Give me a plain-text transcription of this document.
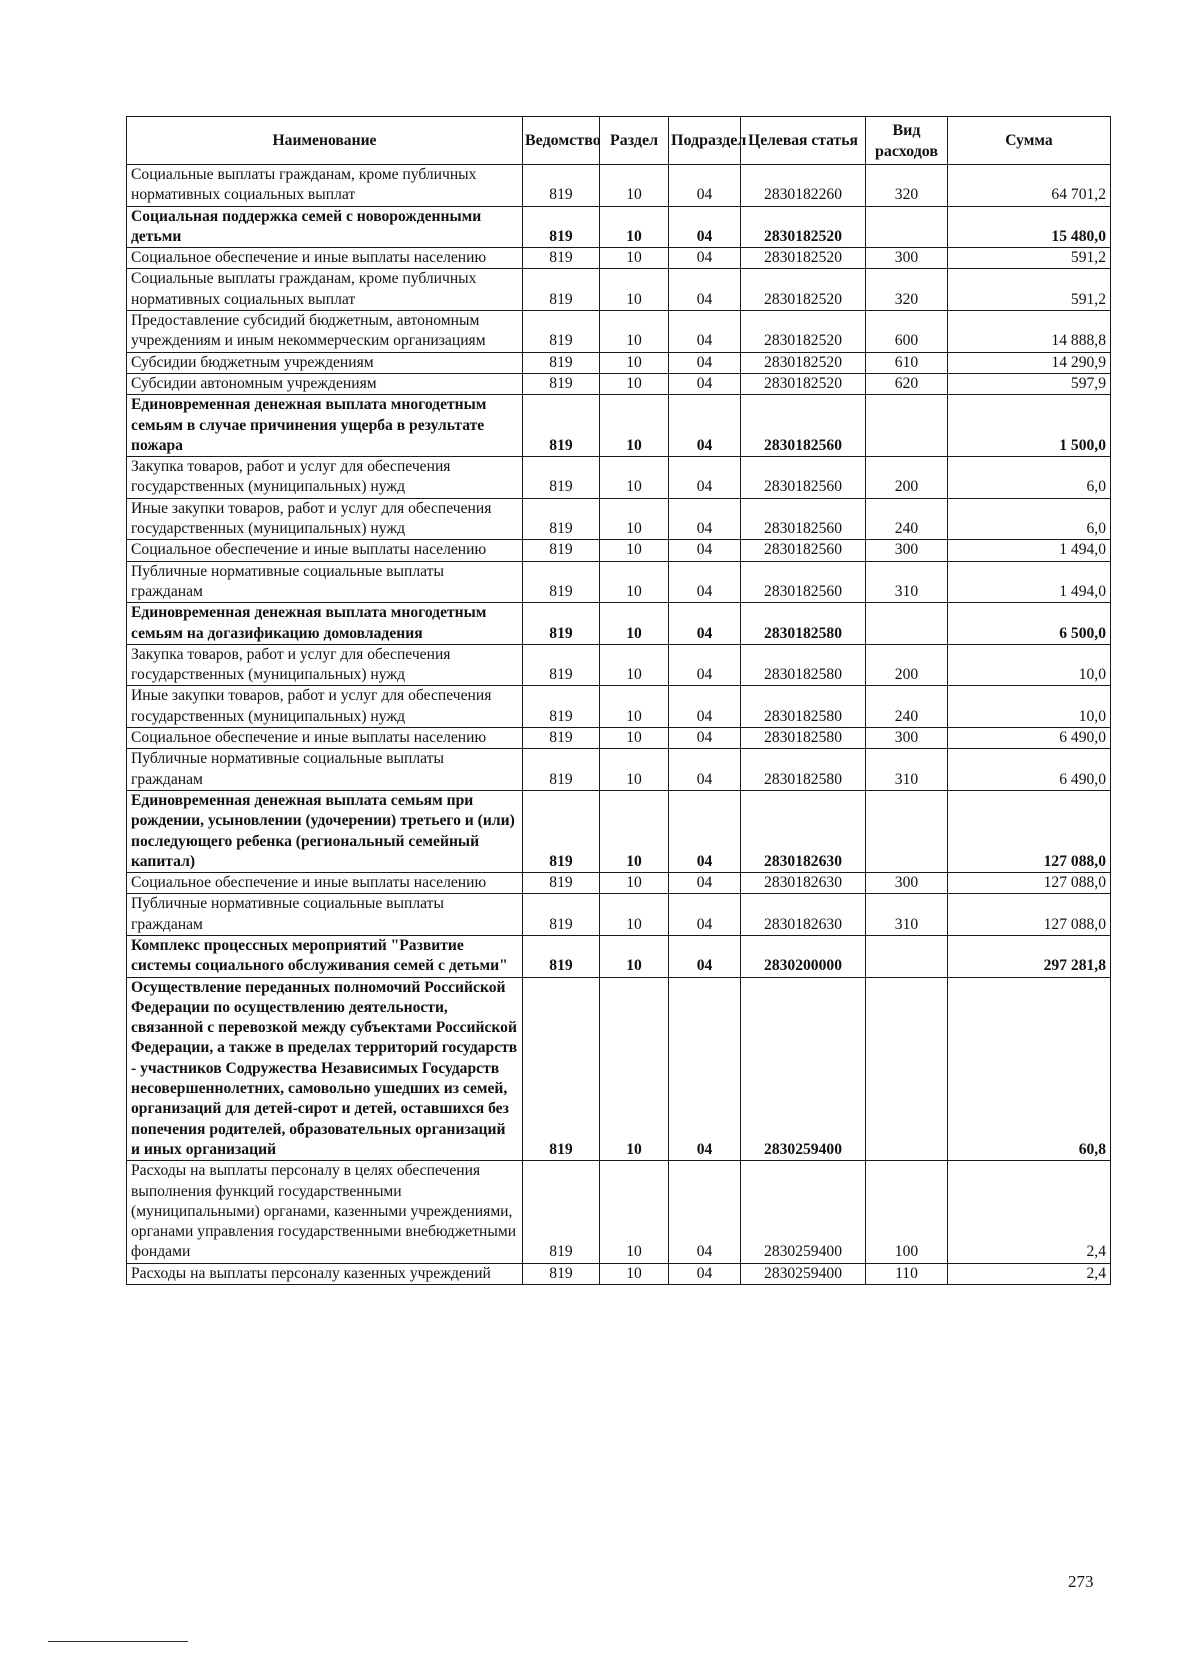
Наименование	Ведомство	Раздел	Подраздел	Целевая статья	Вид расходов	Сумма
Социальные выплаты гражданам, кроме публичных нормативных социальных выплат	819	10	04	2830182260	320	64 701,2
Социальная поддержка семей с новорожденными детьми	819	10	04	2830182520		15 480,0
Социальное обеспечение и иные выплаты населению	819	10	04	2830182520	300	591,2
Социальные выплаты гражданам, кроме публичных нормативных социальных выплат	819	10	04	2830182520	320	591,2
Предоставление субсидий бюджетным, автономным учреждениям и иным некоммерческим организациям	819	10	04	2830182520	600	14 888,8
Субсидии бюджетным учреждениям	819	10	04	2830182520	610	14 290,9
Субсидии автономным учреждениям	819	10	04	2830182520	620	597,9
Единовременная денежная выплата многодетным семьям в случае причинения ущерба в результате пожара	819	10	04	2830182560		1 500,0
Закупка товаров, работ и услуг для обеспечения государственных (муниципальных) нужд	819	10	04	2830182560	200	6,0
Иные закупки товаров, работ и услуг для обеспечения государственных (муниципальных) нужд	819	10	04	2830182560	240	6,0
Социальное обеспечение и иные выплаты населению	819	10	04	2830182560	300	1 494,0
Публичные нормативные социальные выплаты гражданам	819	10	04	2830182560	310	1 494,0
Единовременная денежная выплата многодетным семьям на догазификацию домовладения	819	10	04	2830182580		6 500,0
Закупка товаров, работ и услуг для обеспечения государственных (муниципальных) нужд	819	10	04	2830182580	200	10,0
Иные закупки товаров, работ и услуг для обеспечения государственных (муниципальных) нужд	819	10	04	2830182580	240	10,0
Социальное обеспечение и иные выплаты населению	819	10	04	2830182580	300	6 490,0
Публичные нормативные социальные выплаты гражданам	819	10	04	2830182580	310	6 490,0
Единовременная денежная выплата семьям при рождении, усыновлении (удочерении) третьего и (или) последующего ребенка (региональный семейный капитал)	819	10	04	2830182630		127 088,0
Социальное обеспечение и иные выплаты населению	819	10	04	2830182630	300	127 088,0
Публичные нормативные социальные выплаты гражданам	819	10	04	2830182630	310	127 088,0
Комплекс процессных мероприятий "Развитие системы социального обслуживания семей с детьми"	819	10	04	2830200000		297 281,8
Осуществление переданных полномочий Российской Федерации по осуществлению деятельности, связанной с перевозкой между субъектами Российской Федерации, а также в пределах территорий государств - участников Содружества Независимых Государств несовершеннолетних, самовольно ушедших из семей, организаций для детей-сирот и детей, оставшихся без попечения родителей, образовательных организаций и иных организаций	819	10	04	2830259400		60,8
Расходы на выплаты персоналу в целях обеспечения выполнения функций государственными (муниципальными) органами, казенными учреждениями, органами управления государственными внебюджетными фондами	819	10	04	2830259400	100	2,4
Расходы на выплаты персоналу казенных учреждений	819	10	04	2830259400	110	2,4
273
